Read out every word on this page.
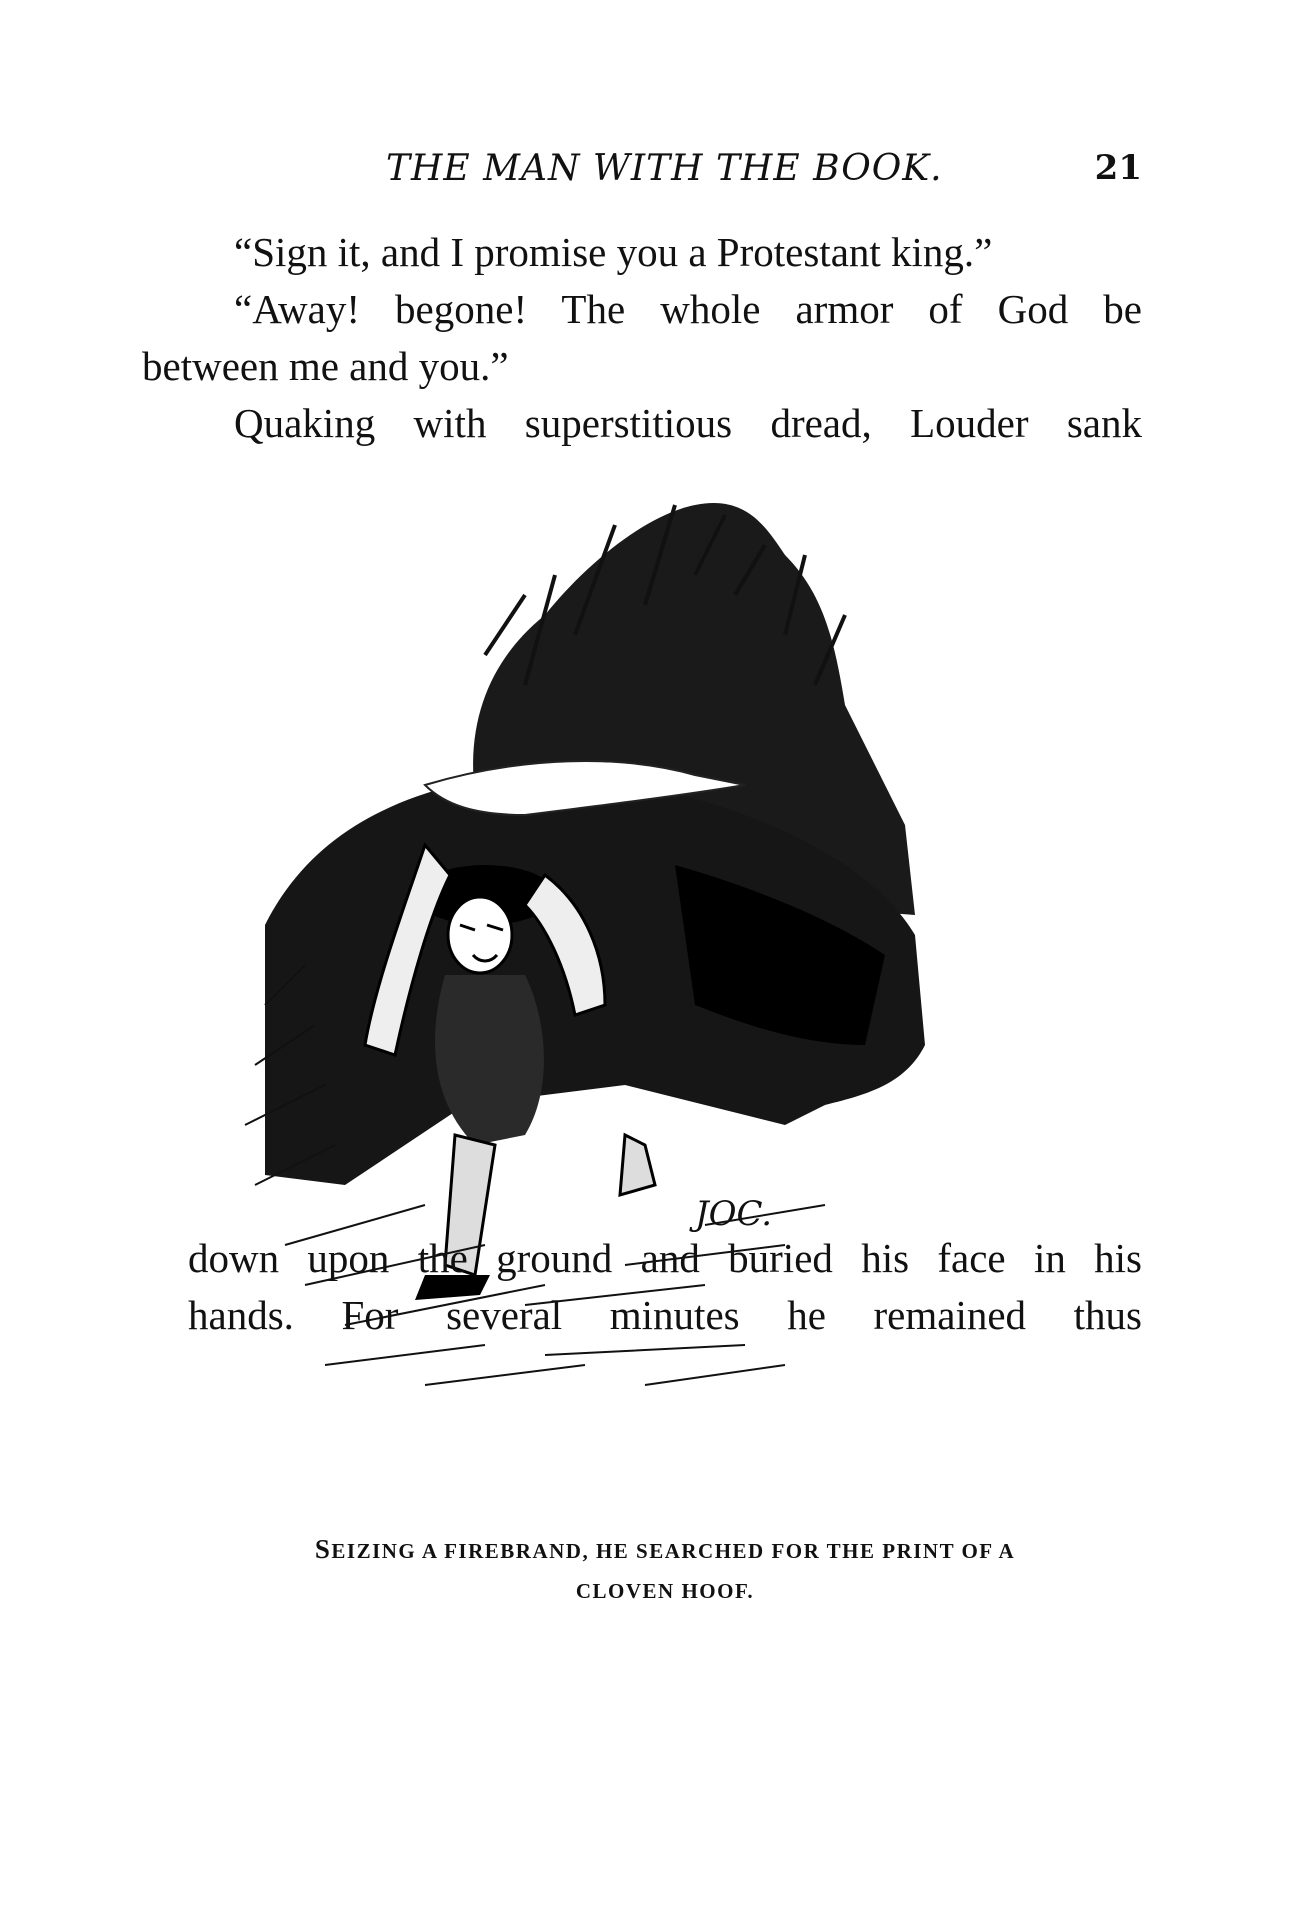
THE MAN WITH THE BOOK.	21

“Sign it, and I promise you a Protestant king.”

“Away! begone! The whole armor of God be
between me and you.”

Quaking with superstitious dread, Louder sank

JOC.
SEIZING A FIREBRAND, HE SEARCHED FOR THE PRINT OF A
CLOVEN HOOF.
down upon the ground and buried his face in his
hands. For several minutes he remained thus
